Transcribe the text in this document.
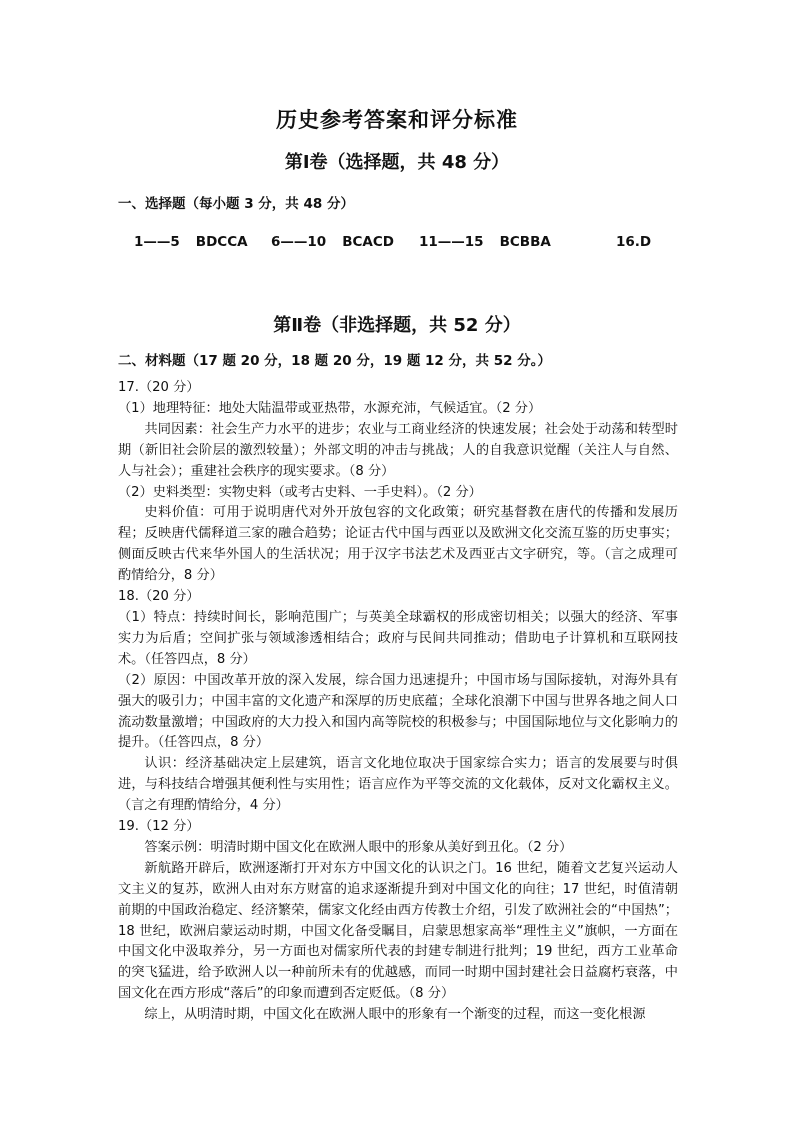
历史参考答案和评分标准
第Ⅰ卷（选择题，共 48 分）
一、选择题（每小题 3 分，共 48 分）
1——5 BDCCA 6——10 BCACD 11——15 BCBBA	16.D
第Ⅱ卷（非选择题，共 52 分）
二、材料题（17 题 20 分，18 题 20 分，19 题 12 分，共 52 分。）

17.（20 分）

（1）地理特征：地处大陆温带或亚热带，水源充沛，气候适宜。（2 分）

共同因素：社会生产力水平的进步；农业与工商业经济的快速发展；社会处于动荡和转型时期（新旧社会阶层的激烈较量）；外部文明的冲击与挑战；人的自我意识觉醒（关注人与自然、人与社会）；重建社会秩序的现实要求。（8 分）

（2）史料类型：实物史料（或考古史料、一手史料）。（2 分）

史料价值：可用于说明唐代对外开放包容的文化政策；研究基督教在唐代的传播和发展历程；反映唐代儒释道三家的融合趋势；论证古代中国与西亚以及欧洲文化交流互鉴的历史事实；侧面反映古代来华外国人的生活状况；用于汉字书法艺术及西亚古文字研究，等。（言之成理可酌情给分，8 分）

18.（20 分）

（1）特点：持续时间长，影响范围广；与英美全球霸权的形成密切相关；以强大的经济、军事实力为后盾；空间扩张与领域渗透相结合；政府与民间共同推动；借助电子计算机和互联网技术。（任答四点，8 分）

（2）原因：中国改革开放的深入发展，综合国力迅速提升；中国市场与国际接轨，对海外具有强大的吸引力；中国丰富的文化遗产和深厚的历史底蕴；全球化浪潮下中国与世界各地之间人口流动数量激增；中国政府的大力投入和国内高等院校的积极参与；中国国际地位与文化影响力的提升。（任答四点，8 分）

认识：经济基础决定上层建筑，语言文化地位取决于国家综合实力；语言的发展要与时俱进，与科技结合增强其便利性与实用性；语言应作为平等交流的文化载体，反对文化霸权主义。（言之有理酌情给分，4 分）

19.（12 分）

答案示例：明清时期中国文化在欧洲人眼中的形象从美好到丑化。（2 分）

新航路开辟后，欧洲逐渐打开对东方中国文化的认识之门。16 世纪，随着文艺复兴运动人文主义的复苏，欧洲人由对东方财富的追求逐渐提升到对中国文化的向往；17 世纪，时值清朝前期的中国政治稳定、经济繁荣，儒家文化经由西方传教士介绍，引发了欧洲社会的“中国热”；18 世纪，欧洲启蒙运动时期，中国文化备受瞩目，启蒙思想家高举“理性主义”旗帜，一方面在中国文化中汲取养分，另一方面也对儒家所代表的封建专制进行批判；19 世纪，西方工业革命的突飞猛进，给予欧洲人以一种前所未有的优越感，而同一时期中国封建社会日益腐朽衰落，中国文化在西方形成“落后”的印象而遭到否定贬低。（8 分）

综上，从明清时期，中国文化在欧洲人眼中的形象有一个渐变的过程，而这一变化根源
